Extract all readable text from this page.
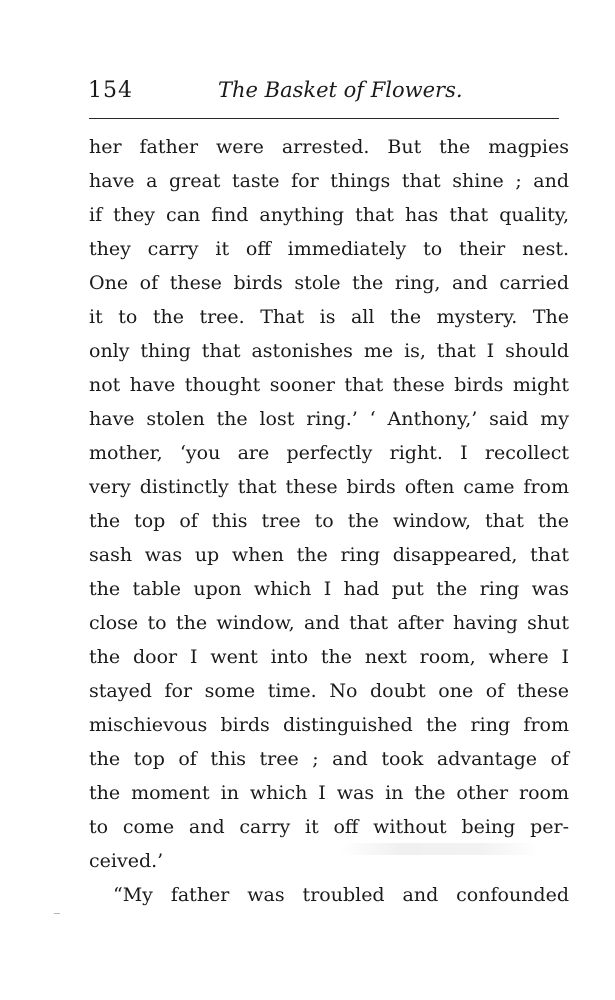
154	The Basket of Flowers.
her father were arrested. But the magpies
have a great taste for things that shine ; and
if they can find anything that has that quality,
they carry it off immediately to their nest.
One of these birds stole the ring, and carried
it to the tree. That is all the mystery. The
only thing that astonishes me is, that I should
not have thought sooner that these birds might
have stolen the lost ring.’ ‘ Anthony,’ said my
mother, ‘you are perfectly right. I recollect
very distinctly that these birds often came from
the top of this tree to the window, that the
sash was up when the ring disappeared, that
the table upon which I had put the ring was
close to the window, and that after having shut
the door I went into the next room, where I
stayed for some time. No doubt one of these
mischievous birds distinguished the ring from
the top of this tree ; and took advantage of
the moment in which I was in the other room
to come and carry it off without being per-
ceived.’
“My father was troubled and confounded
